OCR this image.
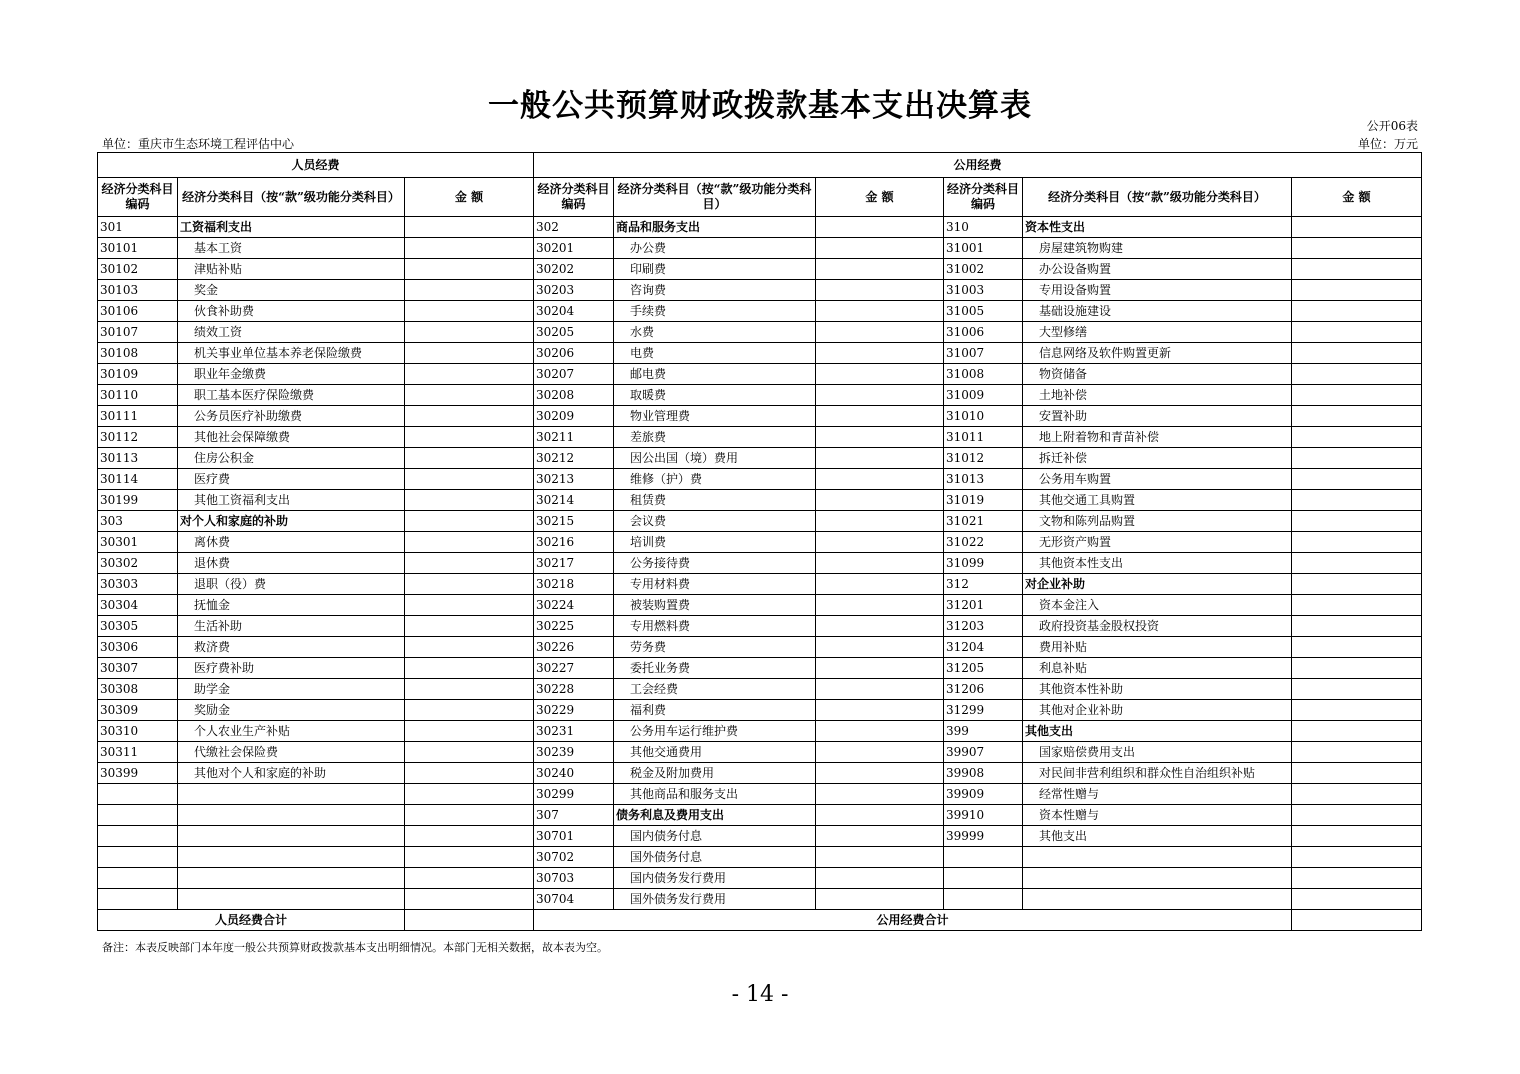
一般公共预算财政拨款基本支出决算表
公开06表
单位：重庆市生态环境工程评估中心	单位：万元
人员经费			公用经费					
经济分类科目编码	经济分类科目（按“款”级功能分类科目）	金 额	经济分类科目编码	经济分类科目（按“款”级功能分类科目）	金 额	经济分类科目编码	经济分类科目（按“款”级功能分类科目）	金 额
301	工资福利支出		302	商品和服务支出		310	资本性支出	
30101	基本工资		30201	办公费		31001	房屋建筑物购建	
30102	津贴补贴		30202	印刷费		31002	办公设备购置	
30103	奖金		30203	咨询费		31003	专用设备购置	
30106	伙食补助费		30204	手续费		31005	基础设施建设	
30107	绩效工资		30205	水费		31006	大型修缮	
30108	机关事业单位基本养老保险缴费		30206	电费		31007	信息网络及软件购置更新	
30109	职业年金缴费		30207	邮电费		31008	物资储备	
30110	职工基本医疗保险缴费		30208	取暖费		31009	土地补偿	
30111	公务员医疗补助缴费		30209	物业管理费		31010	安置补助	
30112	其他社会保障缴费		30211	差旅费		31011	地上附着物和青苗补偿	
30113	住房公积金		30212	因公出国（境）费用		31012	拆迁补偿	
30114	医疗费		30213	维修（护）费		31013	公务用车购置	
30199	其他工资福利支出		30214	租赁费		31019	其他交通工具购置	
303	对个人和家庭的补助		30215	会议费		31021	文物和陈列品购置	
30301	离休费		30216	培训费		31022	无形资产购置	
30302	退休费		30217	公务接待费		31099	其他资本性支出	
30303	退职（役）费		30218	专用材料费		312	对企业补助	
30304	抚恤金		30224	被装购置费		31201	资本金注入	
30305	生活补助		30225	专用燃料费		31203	政府投资基金股权投资	
30306	救济费		30226	劳务费		31204	费用补贴	
30307	医疗费补助		30227	委托业务费		31205	利息补贴	
30308	助学金		30228	工会经费		31206	其他资本性补助	
30309	奖励金		30229	福利费		31299	其他对企业补助	
30310	个人农业生产补贴		30231	公务用车运行维护费		399	其他支出	
30311	代缴社会保险费		30239	其他交通费用		39907	国家赔偿费用支出	
30399	其他对个人和家庭的补助		30240	税金及附加费用		39908	对民间非营利组织和群众性自治组织补贴	
			30299	其他商品和服务支出		39909	经常性赠与	
			307	债务利息及费用支出		39910	资本性赠与	
			30701	国内债务付息		39999	其他支出	
			30702	国外债务付息				
			30703	国内债务发行费用				
			30704	国外债务发行费用				
人员经费合计			公用经费合计					
备注：本表反映部门本年度一般公共预算财政拨款基本支出明细情况。本部门无相关数据，故本表为空。
- 14 -
